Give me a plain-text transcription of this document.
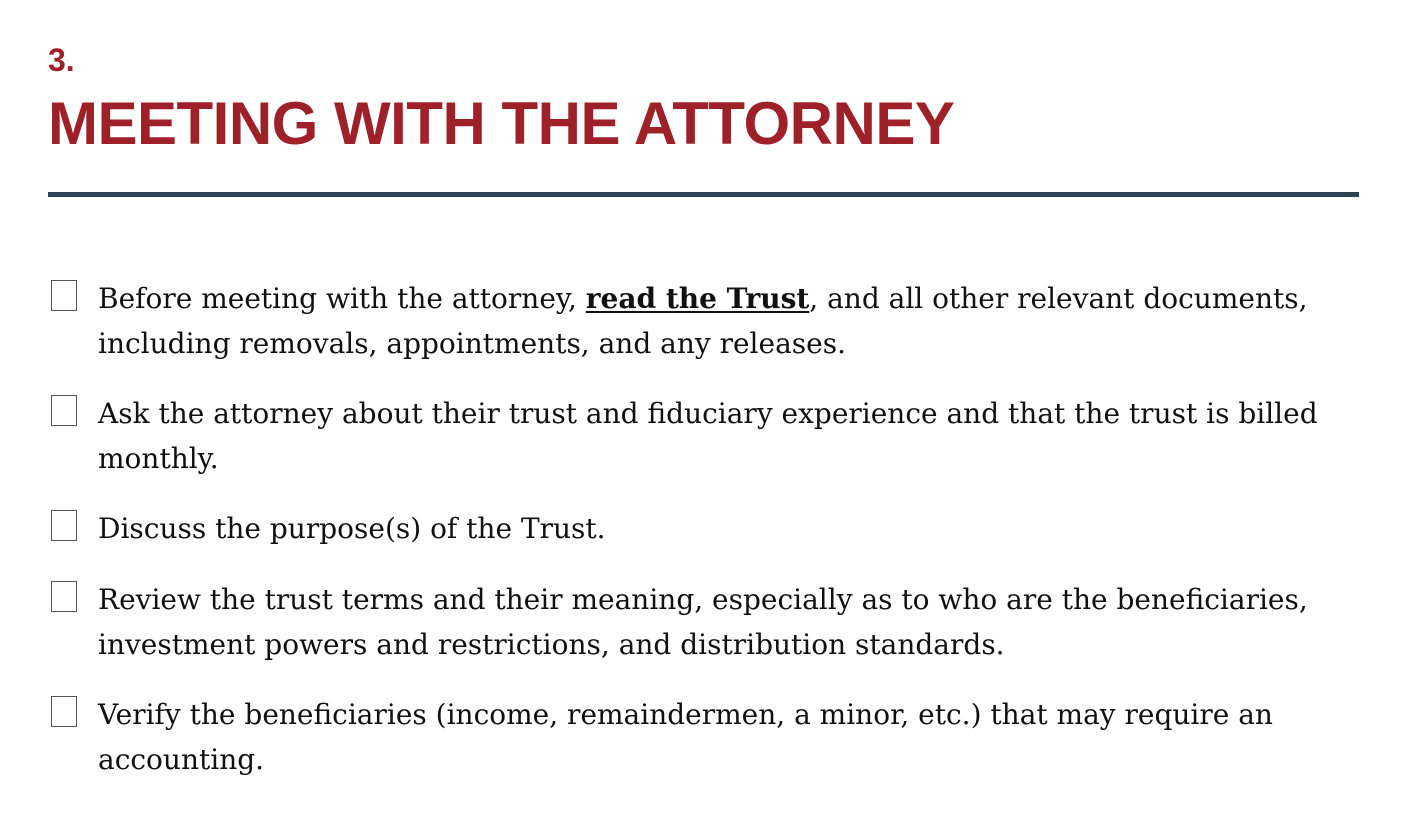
3.
MEETING WITH THE ATTORNEY
Before meeting with the attorney, read the Trust, and all other relevant documents, including removals, appointments, and any releases.
Ask the attorney about their trust and fiduciary experience and that the trust is billed monthly.
Discuss the purpose(s) of the Trust.
Review the trust terms and their meaning, especially as to who are the beneficiaries, investment powers and restrictions, and distribution standards.
Verify the beneficiaries (income, remaindermen, a minor, etc.) that may require an accounting.
